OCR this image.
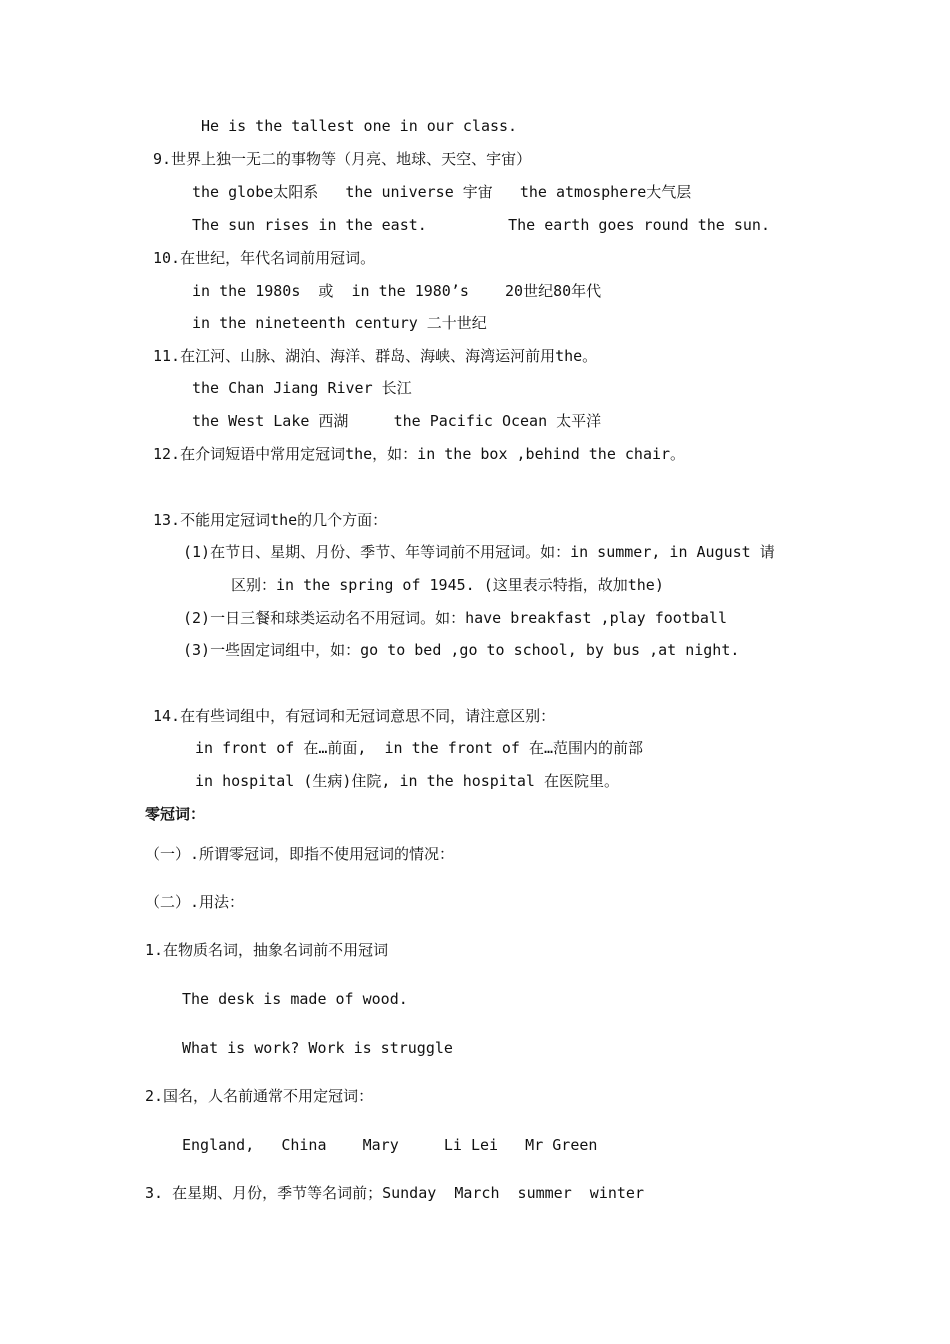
He is the tallest one in our class.
9.世界上独一无二的事物等（月亮、地球、天空、宇宙）
the globe太阳系   the universe 宇宙   the atmosphere大气层
The sun rises in the east.         The earth goes round the sun.
10.在世纪，年代名词前用冠词。
in the 1980s  或  in the 1980’s    20世纪80年代
in the nineteenth century 二十世纪
11.在江河、山脉、湖泊、海洋、群岛、海峡、海湾运河前用the。
the Chan Jiang River 长江
the West Lake 西湖     the Pacific Ocean 太平洋
12.在介词短语中常用定冠词the，如：in the box ,behind the chair。
13.不能用定冠词the的几个方面：
(1)在节日、星期、月份、季节、年等词前不用冠词。如：in summer, in August 请
区别：in the spring of 1945. (这里表示特指，故加the)
(2)一日三餐和球类运动名不用冠词。如：have breakfast ,play football
(3)一些固定词组中，如：go to bed ,go to school, by bus ,at night.
14.在有些词组中，有冠词和无冠词意思不同，请注意区别：
in front of 在…前面,  in the front of 在…范围内的前部
in hospital (生病)住院, in the hospital 在医院里。
零冠词：
（一）.所谓零冠词，即指不使用冠词的情况：
（二）.用法：
1.在物质名词，抽象名词前不用冠词
The desk is made of wood.
What is work? Work is struggle
2.国名，人名前通常不用定冠词：
England,   China    Mary     Li Lei   Mr Green
3. 在星期、月份，季节等名词前；Sunday  March  summer  winter
